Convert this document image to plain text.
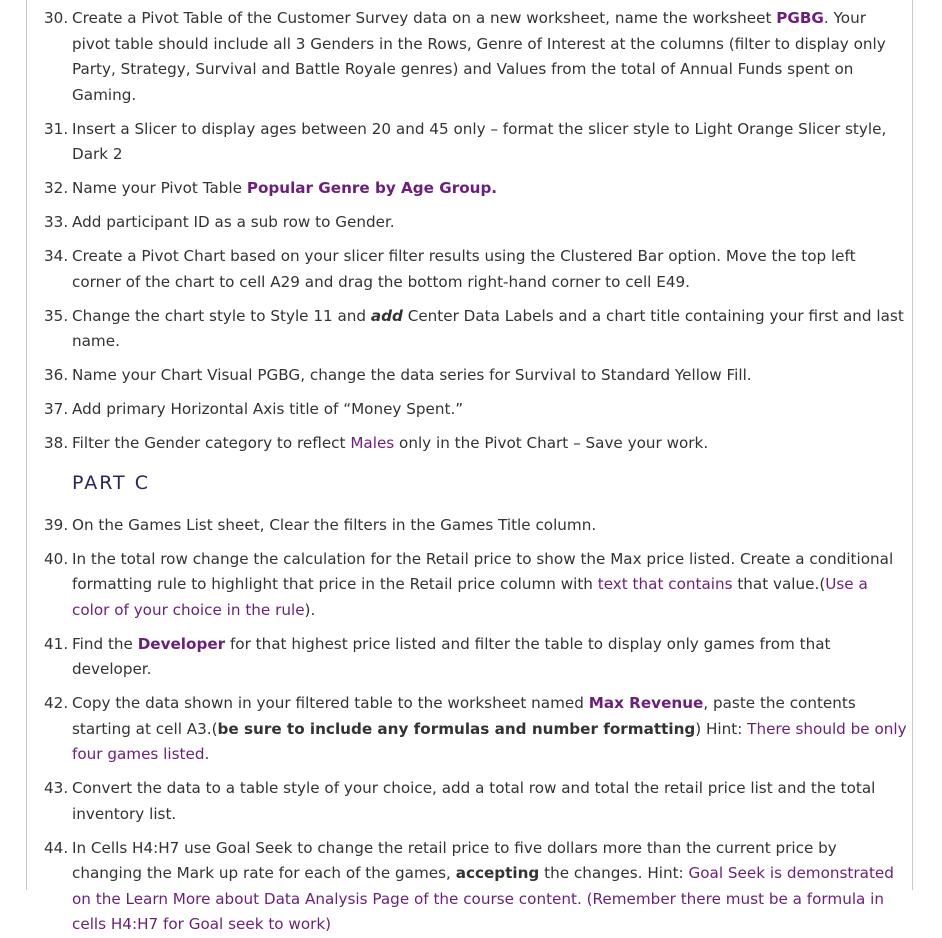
30. Create a Pivot Table of the Customer Survey data on a new worksheet, name the worksheet PGBG. Your pivot table should include all 3 Genders in the Rows, Genre of Interest at the columns (filter to display only Party, Strategy, Survival and Battle Royale genres) and Values from the total of Annual Funds spent on Gaming.
31. Insert a Slicer to display ages between 20 and 45 only – format the slicer style to Light Orange Slicer style, Dark 2
32. Name your Pivot Table Popular Genre by Age Group.
33. Add participant ID as a sub row to Gender.
34. Create a Pivot Chart based on your slicer filter results using the Clustered Bar option. Move the top left corner of the chart to cell A29 and drag the bottom right-hand corner to cell E49.
35. Change the chart style to Style 11 and add Center Data Labels and a chart title containing your first and last name.
36. Name your Chart Visual PGBG, change the data series for Survival to Standard Yellow Fill.
37. Add primary Horizontal Axis title of “Money Spent.”
38. Filter the Gender category to reflect Males only in the Pivot Chart – Save your work.
PART C
39. On the Games List sheet, Clear the filters in the Games Title column.
40. In the total row change the calculation for the Retail price to show the Max price listed. Create a conditional formatting rule to highlight that price in the Retail price column with text that contains that value.(Use a color of your choice in the rule).
41. Find the Developer for that highest price listed and filter the table to display only games from that developer.
42. Copy the data shown in your filtered table to the worksheet named Max Revenue, paste the contents starting at cell A3.(be sure to include any formulas and number formatting) Hint: There should be only four games listed.
43. Convert the data to a table style of your choice, add a total row and total the retail price list and the total inventory list.
44. In Cells H4:H7 use Goal Seek to change the retail price to five dollars more than the current price by changing the Mark up rate for each of the games, accepting the changes. Hint: Goal Seek is demonstrated on the Learn More about Data Analysis Page of the course content. (Remember there must be a formula in cells H4:H7 for Goal seek to work)
